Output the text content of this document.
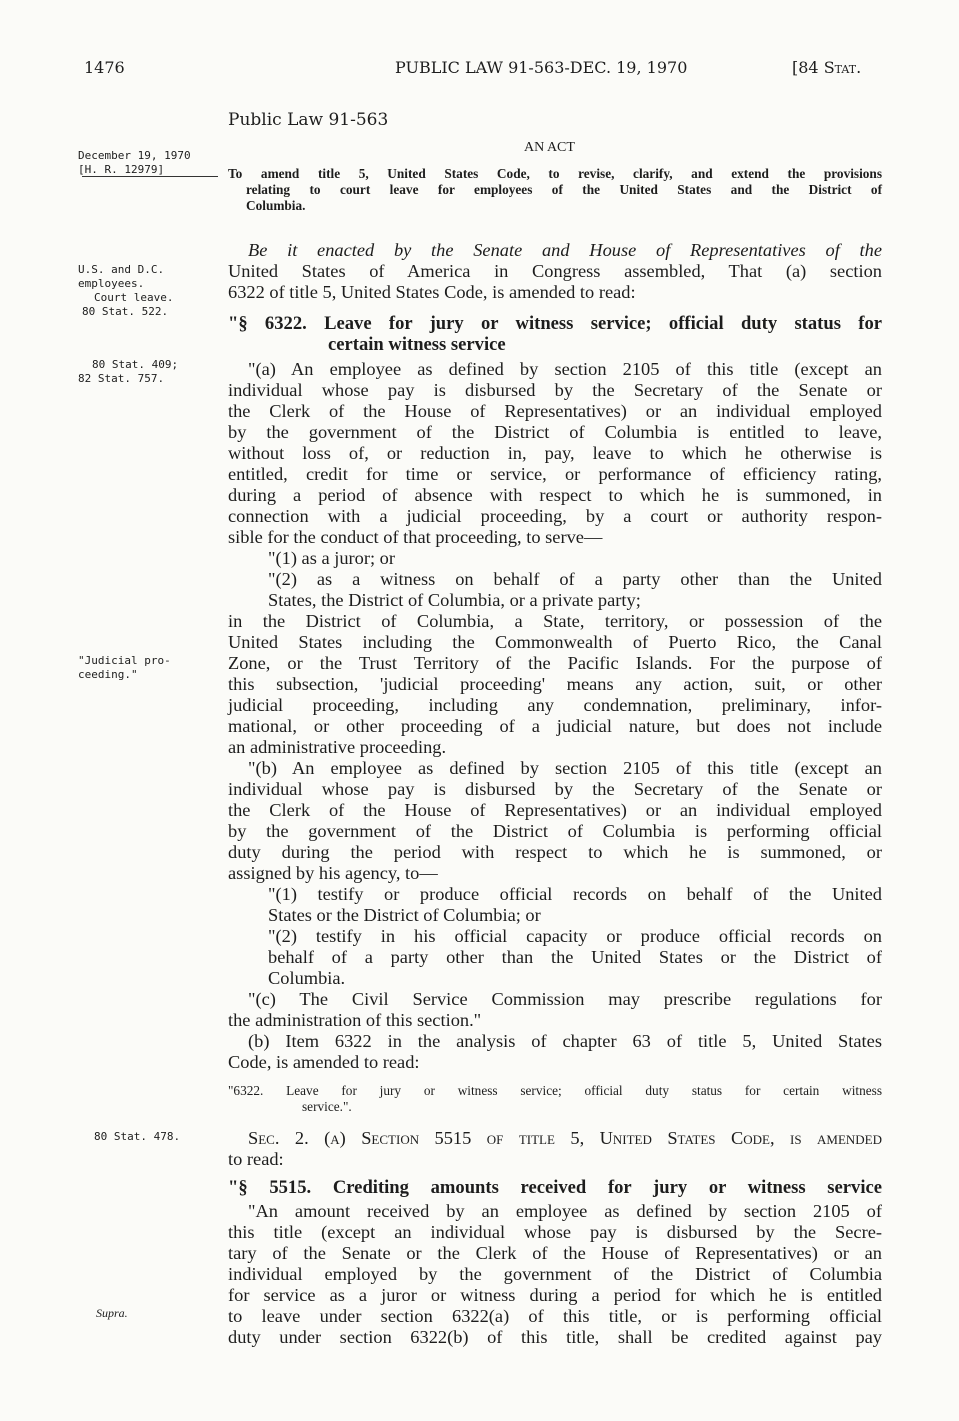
1476	PUBLIC LAW 91-563-DEC. 19, 1970	[84 Stat.
Public Law 91-563
AN ACT
December 19, 1970
[H. R. 12979]
U.S. and D.C.
employees.
Court leave.
80 Stat. 522.
80 Stat. 409;
82 Stat. 757.
"Judicial pro-
ceeding."
80 Stat. 478.
Supra.
To amend title 5, United States Code, to revise, clarify, and extend the provisions
relating to court leave for employees of the United States and the District of
Columbia.
Be it enacted by the Senate and House of Representatives of the
United States of America in Congress assembled, That (a) section
6322 of title 5, United States Code, is amended to read:
"§ 6322. Leave for jury or witness service; official duty status for
certain witness service
"(a) An employee as defined by section 2105 of this title (except an
individual whose pay is disbursed by the Secretary of the Senate or
the Clerk of the House of Representatives) or an individual employed
by the government of the District of Columbia is entitled to leave,
without loss of, or reduction in, pay, leave to which he otherwise is
entitled, credit for time or service, or performance of efficiency rating,
during a period of absence with respect to which he is summoned, in
connection with a judicial proceeding, by a court or authority respon-
sible for the conduct of that proceeding, to serve—
"(1) as a juror; or
"(2) as a witness on behalf of a party other than the United
States, the District of Columbia, or a private party;
in the District of Columbia, a State, territory, or possession of the
United States including the Commonwealth of Puerto Rico, the Canal
Zone, or the Trust Territory of the Pacific Islands. For the purpose of
this subsection, 'judicial proceeding' means any action, suit, or other
judicial proceeding, including any condemnation, preliminary, infor-
mational, or other proceeding of a judicial nature, but does not include
an administrative proceeding.
"(b) An employee as defined by section 2105 of this title (except an
individual whose pay is disbursed by the Secretary of the Senate or
the Clerk of the House of Representatives) or an individual employed
by the government of the District of Columbia is performing official
duty during the period with respect to which he is summoned, or
assigned by his agency, to—
"(1) testify or produce official records on behalf of the United
States or the District of Columbia; or
"(2) testify in his official capacity or produce official records on
behalf of a party other than the United States or the District of
Columbia.
"(c) The Civil Service Commission may prescribe regulations for
the administration of this section."
(b) Item 6322 in the analysis of chapter 63 of title 5, United States
Code, is amended to read:
"6322. Leave for jury or witness service; official duty status for certain witness
service.".
Sec. 2. (a) Section 5515 of title 5, United States Code, is amended
to read:
"§ 5515. Crediting amounts received for jury or witness service
"An amount received by an employee as defined by section 2105 of
this title (except an individual whose pay is disbursed by the Secre-
tary of the Senate or the Clerk of the House of Representatives) or an
individual employed by the government of the District of Columbia
for service as a juror or witness during a period for which he is entitled
to leave under section 6322(a) of this title, or is performing official
duty under section 6322(b) of this title, shall be credited against pay
